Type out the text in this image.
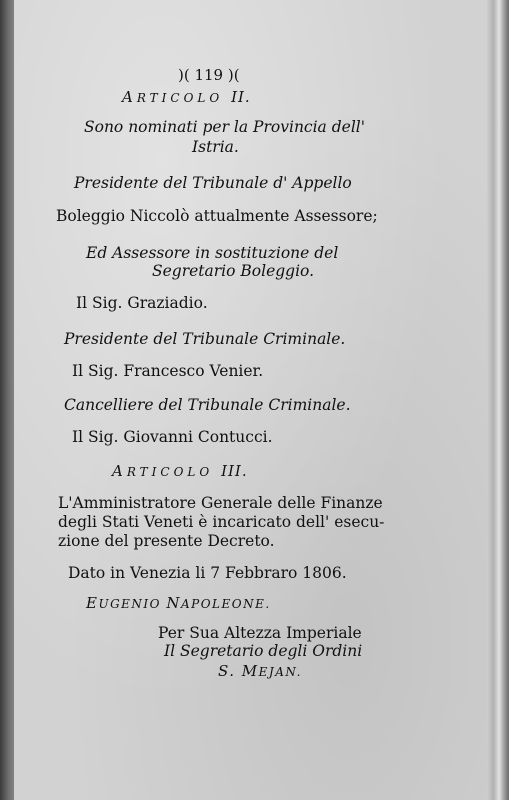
)( 119 )(
ARTICOLO II.
Sono nominati per la Provincia dell'
Istria.
Presidente del Tribunale d' Appello
Boleggio Niccolò attualmente Assessore;
Ed Assessore in sostituzione del
Segretario Boleggio.
Il Sig. Graziadio.
Presidente del Tribunale Criminale.
Il Sig. Francesco Venier.
Cancelliere del Tribunale Criminale.
Il Sig. Giovanni Contucci.
ARTICOLO III.
L'Amministratore Generale delle Finanze
degli Stati Veneti è incaricato dell' esecu-
zione del presente Decreto.
Dato in Venezia li 7 Febbraro 1806.
EUGENIO NAPOLEONE.
Per Sua Altezza Imperiale
Il Segretario degli Ordini
S. MEJAN.
